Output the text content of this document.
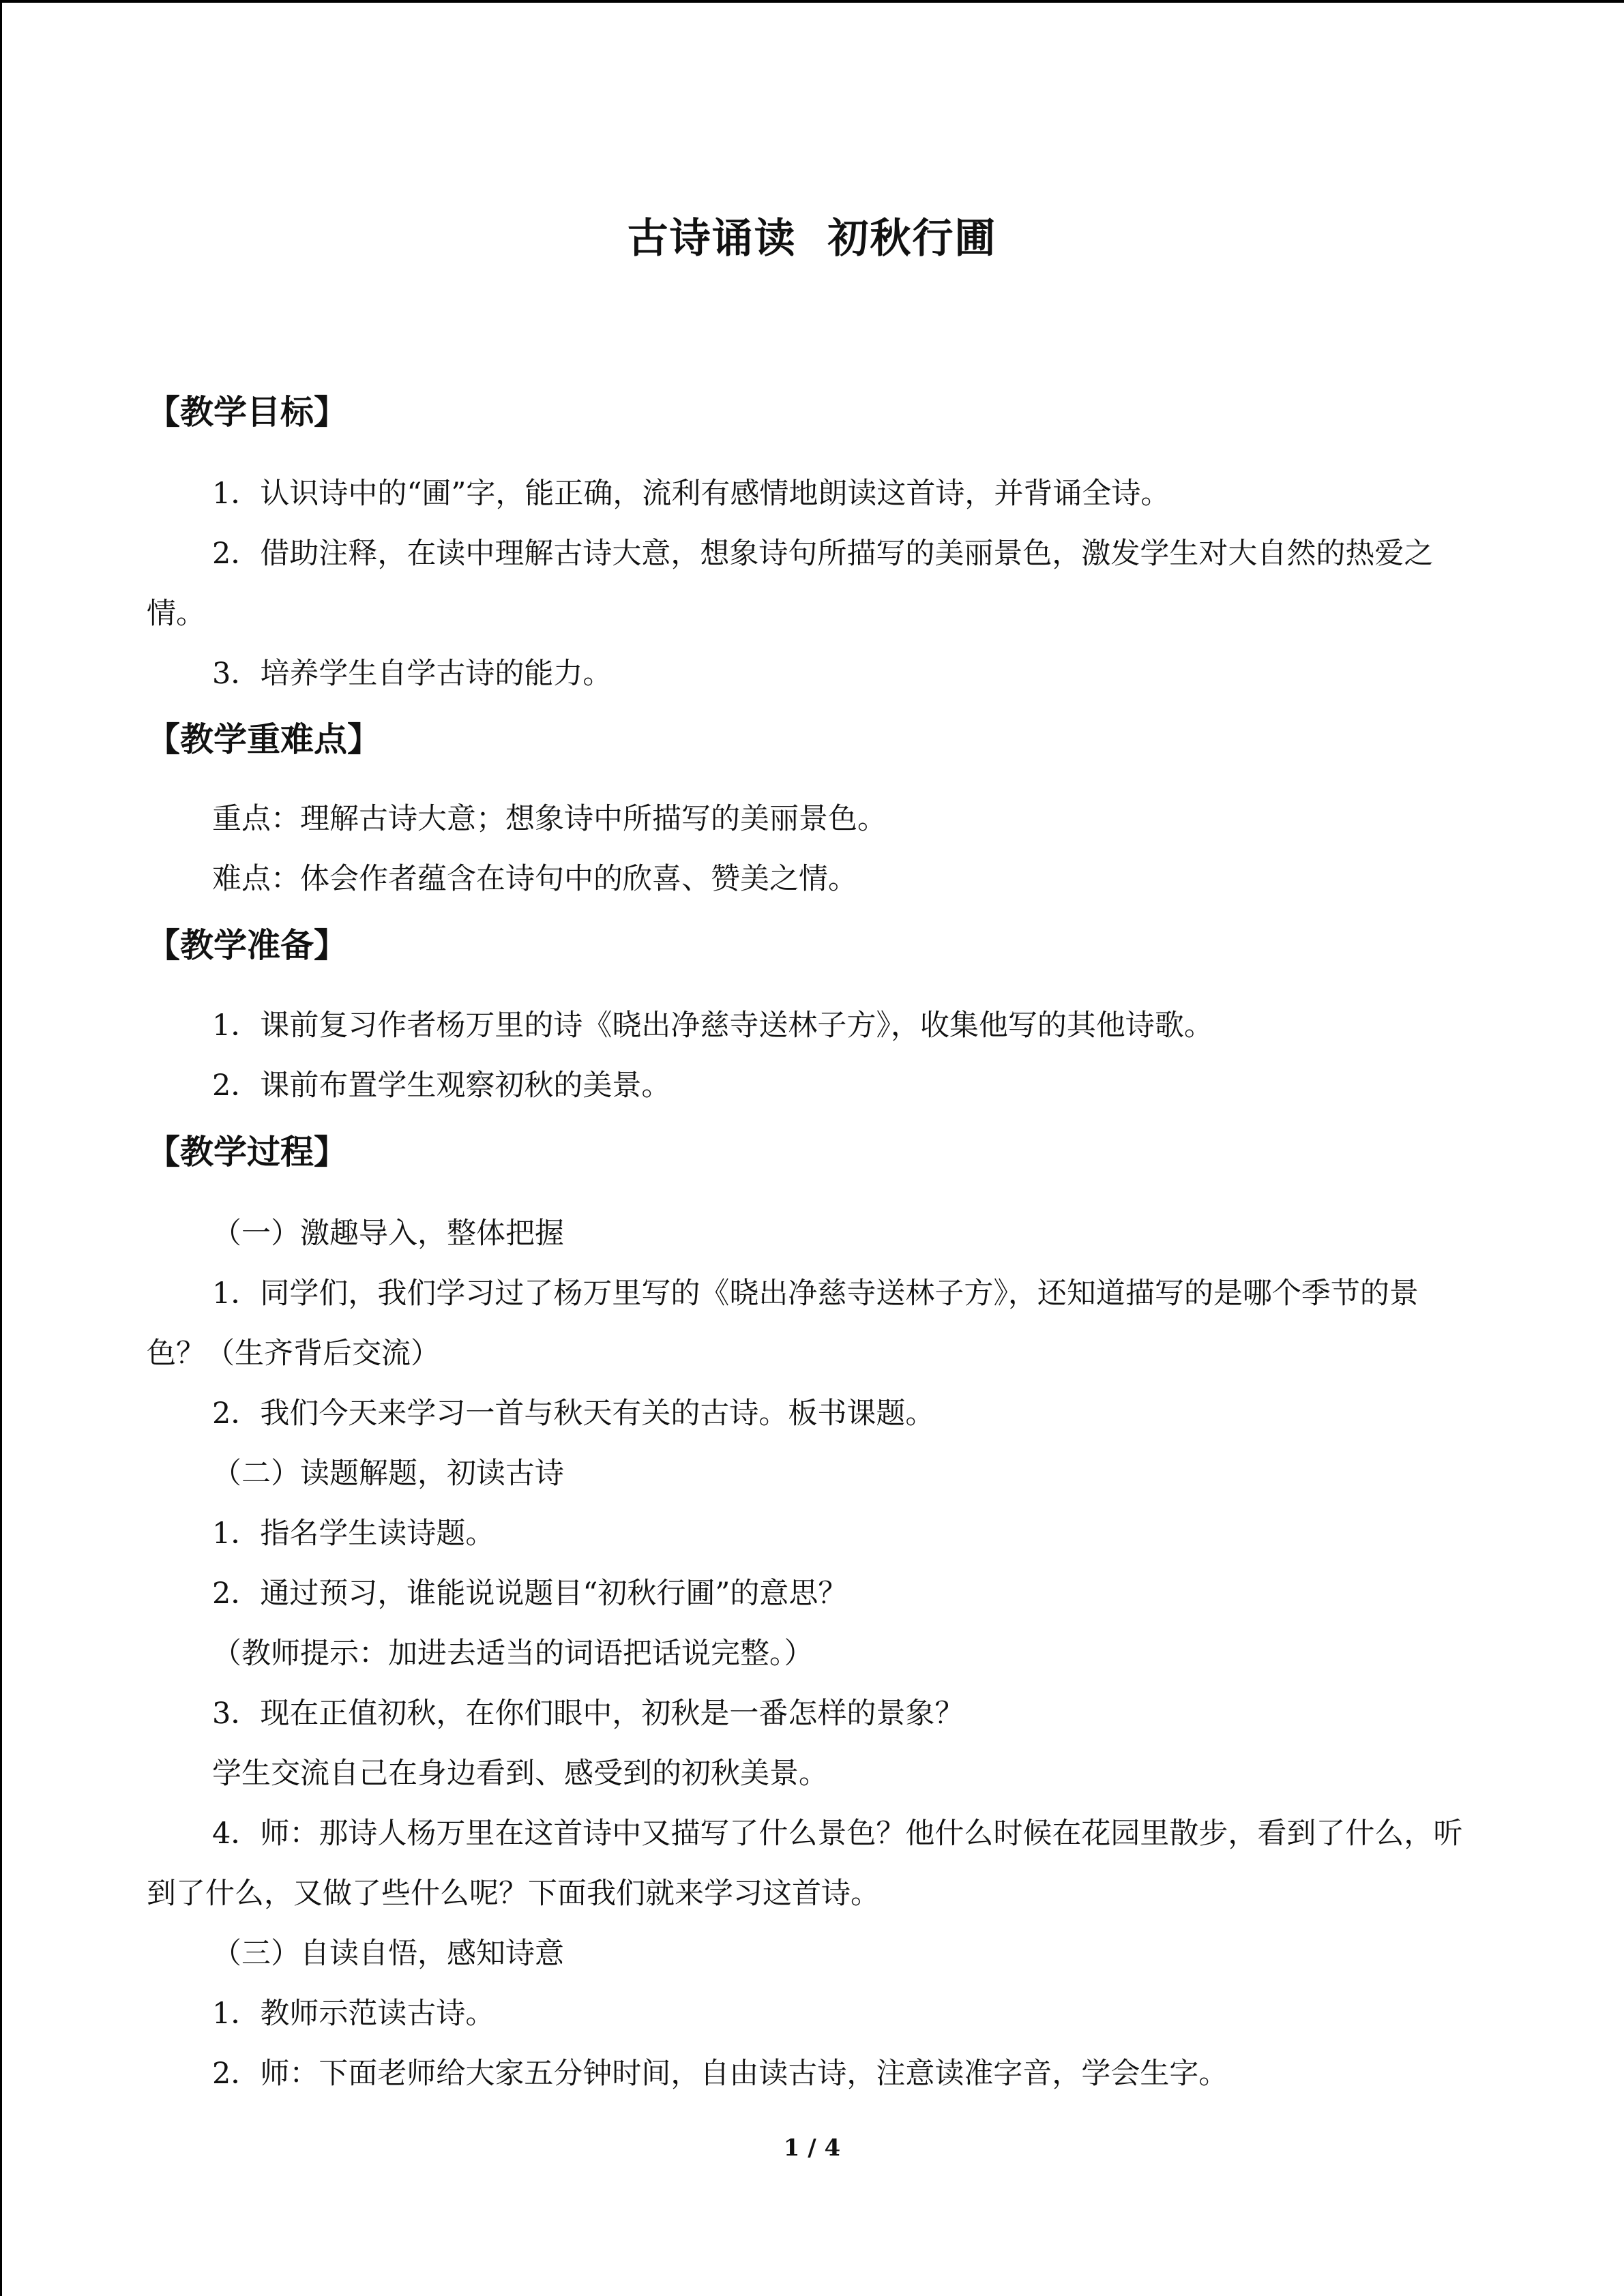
古诗诵读  初秋行圃
【教学目标】
1．认识诗中的“圃”字，能正确，流利有感情地朗读这首诗，并背诵全诗。
2．借助注释，在读中理解古诗大意，想象诗句所描写的美丽景色，激发学生对大自然的热爱之情。
3．培养学生自学古诗的能力。
【教学重难点】
重点：理解古诗大意；想象诗中所描写的美丽景色。
难点：体会作者蕴含在诗句中的欣喜、赞美之情。
【教学准备】
1．课前复习作者杨万里的诗《晓出净慈寺送林子方》，收集他写的其他诗歌。
2．课前布置学生观察初秋的美景。
【教学过程】
（一）激趣导入，整体把握
1．同学们，我们学习过了杨万里写的《晓出净慈寺送林子方》，还知道描写的是哪个季节的景色？（生齐背后交流）
2．我们今天来学习一首与秋天有关的古诗。板书课题。
（二）读题解题，初读古诗
1．指名学生读诗题。
2．通过预习，谁能说说题目“初秋行圃”的意思？
（教师提示：加进去适当的词语把话说完整。）
3．现在正值初秋，在你们眼中，初秋是一番怎样的景象？
学生交流自己在身边看到、感受到的初秋美景。
4．师：那诗人杨万里在这首诗中又描写了什么景色？他什么时候在花园里散步，看到了什么，听到了什么，又做了些什么呢？下面我们就来学习这首诗。
（三）自读自悟，感知诗意
1．教师示范读古诗。
2．师：下面老师给大家五分钟时间，自由读古诗，注意读准字音，学会生字。
1 / 4
